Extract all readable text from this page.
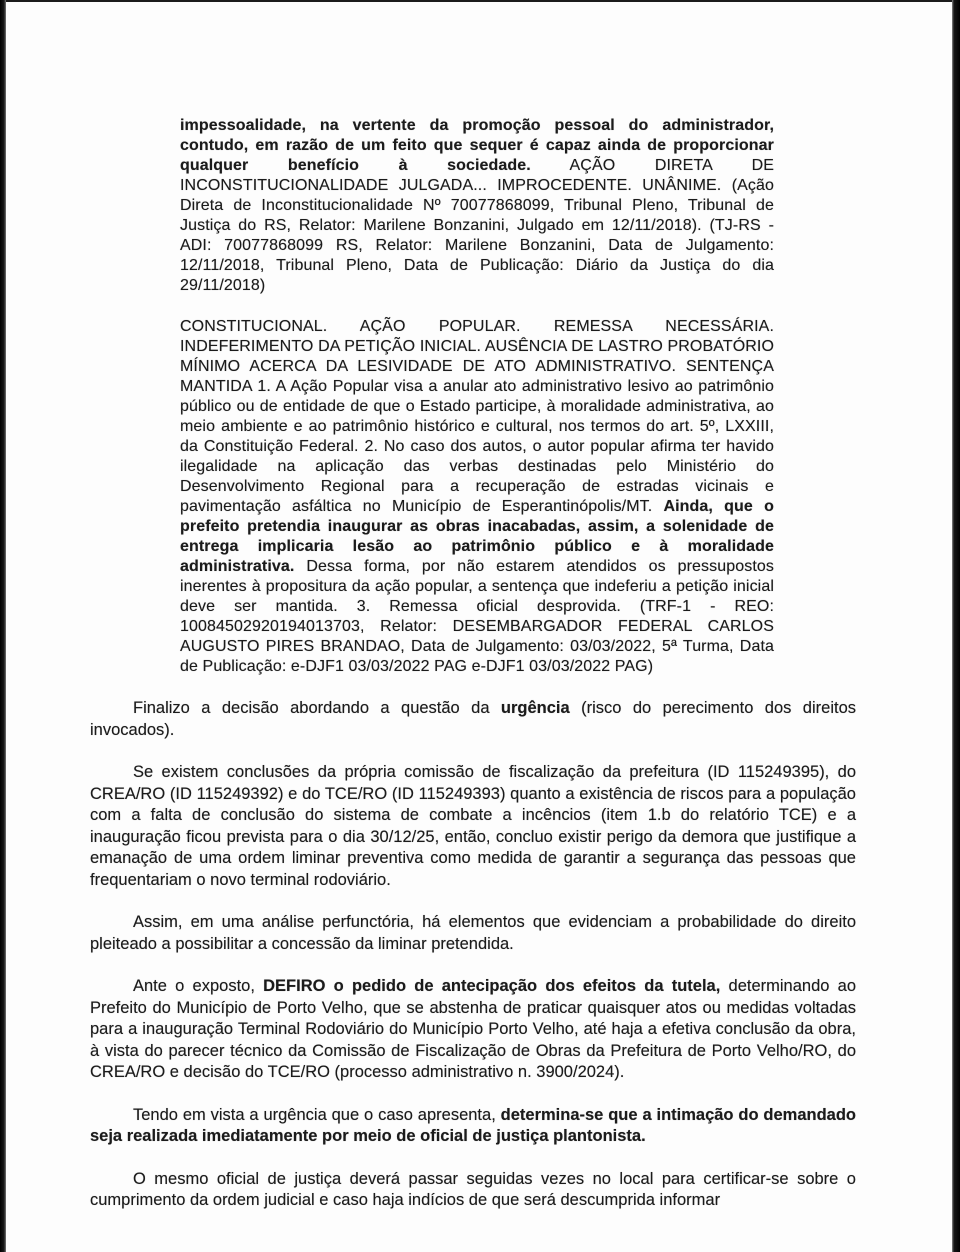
impessoalidade, na vertente da promoção pessoal do administrador, contudo, em razão de um feito que sequer é capaz ainda de proporcionar qualquer benefício à sociedade. AÇÃO DIRETA DE INCONSTITUCIONALIDADE JULGADA... IMPROCEDENTE. UNÂNIME. (Ação Direta de Inconstitucionalidade Nº 70077868099, Tribunal Pleno, Tribunal de Justiça do RS, Relator: Marilene Bonzanini, Julgado em 12/11/2018). (TJ-RS - ADI: 70077868099 RS, Relator: Marilene Bonzanini, Data de Julgamento: 12/11/2018, Tribunal Pleno, Data de Publicação: Diário da Justiça do dia 29/11/2018)
CONSTITUCIONAL. AÇÃO POPULAR. REMESSA NECESSÁRIA. INDEFERIMENTO DA PETIÇÃO INICIAL. AUSÊNCIA DE LASTRO PROBATÓRIO MÍNIMO ACERCA DA LESIVIDADE DE ATO ADMINISTRATIVO. SENTENÇA MANTIDA 1. A Ação Popular visa a anular ato administrativo lesivo ao patrimônio público ou de entidade de que o Estado participe, à moralidade administrativa, ao meio ambiente e ao patrimônio histórico e cultural, nos termos do art. 5º, LXXIII, da Constituição Federal. 2. No caso dos autos, o autor popular afirma ter havido ilegalidade na aplicação das verbas destinadas pelo Ministério do Desenvolvimento Regional para a recuperação de estradas vicinais e pavimentação asfáltica no Município de Esperantinópolis/MT. Ainda, que o prefeito pretendia inaugurar as obras inacabadas, assim, a solenidade de entrega implicaria lesão ao patrimônio público e à moralidade administrativa. Dessa forma, por não estarem atendidos os pressupostos inerentes à propositura da ação popular, a sentença que indeferiu a petição inicial deve ser mantida. 3. Remessa oficial desprovida. (TRF-1 - REO: 10084502920194013703, Relator: DESEMBARGADOR FEDERAL CARLOS AUGUSTO PIRES BRANDAO, Data de Julgamento: 03/03/2022, 5ª Turma, Data de Publicação: e-DJF1 03/03/2022 PAG e-DJF1 03/03/2022 PAG)
Finalizo a decisão abordando a questão da urgência (risco do perecimento dos direitos invocados).
Se existem conclusões da própria comissão de fiscalização da prefeitura (ID 115249395), do CREA/RO (ID 115249392) e do TCE/RO (ID 115249393) quanto a existência de riscos para a população com a falta de conclusão do sistema de combate a incêncios (item 1.b do relatório TCE) e a inauguração ficou prevista para o dia 30/12/25, então, concluo existir perigo da demora que justifique a emanação de uma ordem liminar preventiva como medida de garantir a segurança das pessoas que frequentariam o novo terminal rodoviário.
Assim, em uma análise perfunctória, há elementos que evidenciam a probabilidade do direito pleiteado a possibilitar a concessão da liminar pretendida.
Ante o exposto, DEFIRO o pedido de antecipação dos efeitos da tutela, determinando ao Prefeito do Município de Porto Velho, que se abstenha de praticar quaisquer atos ou medidas voltadas para a inauguração Terminal Rodoviário do Município Porto Velho, até haja a efetiva conclusão da obra, à vista do parecer técnico da Comissão de Fiscalização de Obras da Prefeitura de Porto Velho/RO, do CREA/RO e decisão do TCE/RO (processo administrativo n. 3900/2024).
Tendo em vista a urgência que o caso apresenta, determina-se que a intimação do demandado seja realizada imediatamente por meio de oficial de justiça plantonista.
O mesmo oficial de justiça deverá passar seguidas vezes no local para certificar-se sobre o cumprimento da ordem judicial e caso haja indícios de que será descumprida informar
